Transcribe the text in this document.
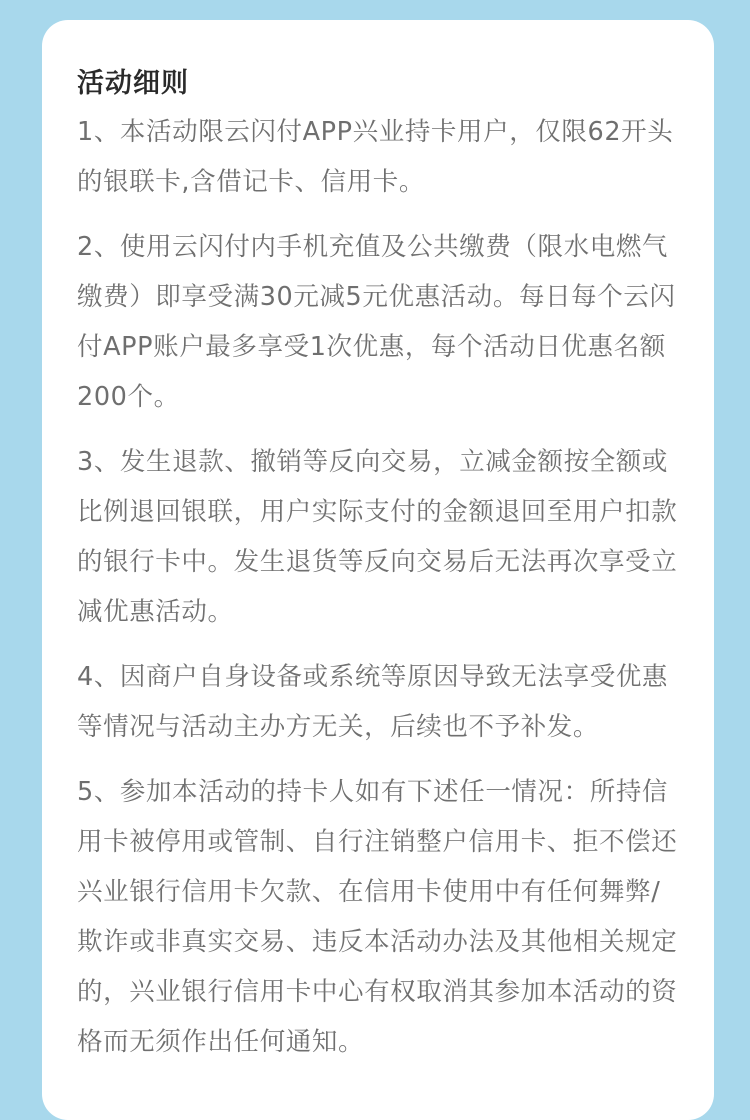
活动细则

1、本活动限云闪付APP兴业持卡用户，仅限62开头的银联卡,含借记卡、信用卡。

2、使用云闪付内手机充值及公共缴费（限水电燃气缴费）即享受满30元减5元优惠活动。每日每个云闪付APP账户最多享受1次优惠，每个活动日优惠名额200个。

3、发生退款、撤销等反向交易，立减金额按全额或比例退回银联，用户实际支付的金额退回至用户扣款的银行卡中。发生退货等反向交易后无法再次享受立减优惠活动。

4、因商户自身设备或系统等原因导致无法享受优惠等情况与活动主办方无关，后续也不予补发。

5、参加本活动的持卡人如有下述任一情况：所持信用卡被停用或管制、自行注销整户信用卡、拒不偿还兴业银行信用卡欠款、在信用卡使用中有任何舞弊/欺诈或非真实交易、违反本活动办法及其他相关规定的，兴业银行信用卡中心有权取消其参加本活动的资格而无须作出任何通知。
